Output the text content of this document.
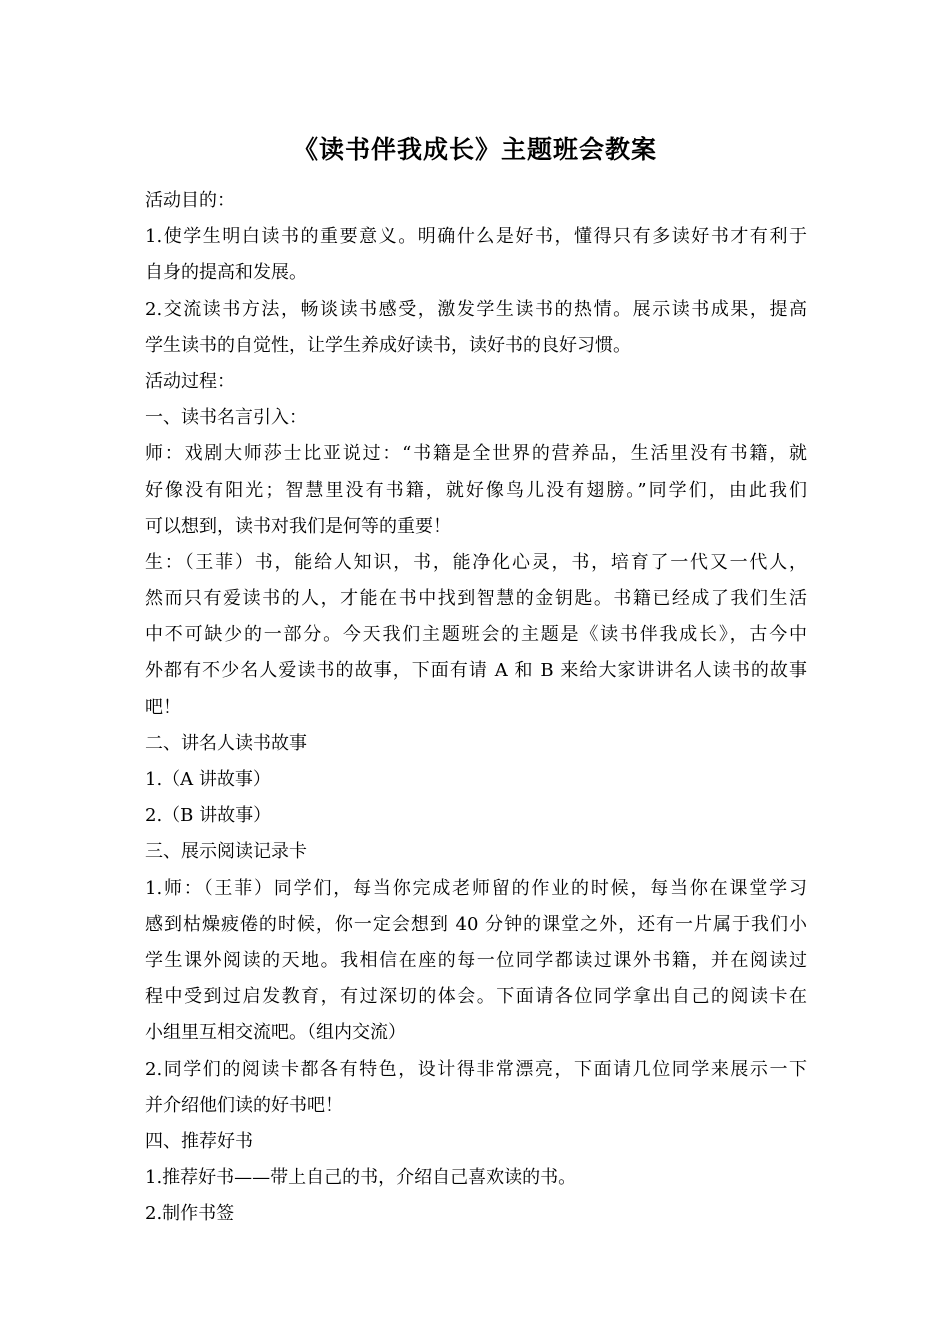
《读书伴我成长》主题班会教案
活动目的：
1.使学生明白读书的重要意义。明确什么是好书，懂得只有多读好书才有利于
自身的提高和发展。
2.交流读书方法，畅谈读书感受，激发学生读书的热情。展示读书成果，提高
学生读书的自觉性，让学生养成好读书，读好书的良好习惯。
活动过程：
一、读书名言引入：
师：戏剧大师莎士比亚说过：“书籍是全世界的营养品，生活里没有书籍，就
好像没有阳光；智慧里没有书籍，就好像鸟儿没有翅膀。”同学们，由此我们
可以想到，读书对我们是何等的重要！
生：（王菲）书，能给人知识，书，能净化心灵，书，培育了一代又一代人，
然而只有爱读书的人，才能在书中找到智慧的金钥匙。书籍已经成了我们生活
中不可缺少的一部分。今天我们主题班会的主题是《读书伴我成长》，古今中
外都有不少名人爱读书的故事，下面有请 A 和 B 来给大家讲讲名人读书的故事
吧！
二、讲名人读书故事
1.（A 讲故事）
2.（B 讲故事）
三、展示阅读记录卡
1.师：（王菲）同学们，每当你完成老师留的作业的时候，每当你在课堂学习
感到枯燥疲倦的时候，你一定会想到 40 分钟的课堂之外，还有一片属于我们小
学生课外阅读的天地。我相信在座的每一位同学都读过课外书籍，并在阅读过
程中受到过启发教育，有过深切的体会。下面请各位同学拿出自己的阅读卡在
小组里互相交流吧。（组内交流）
2.同学们的阅读卡都各有特色，设计得非常漂亮，下面请几位同学来展示一下
并介绍他们读的好书吧！
四、推荐好书
1.推荐好书——带上自己的书，介绍自己喜欢读的书。
2.制作书签
